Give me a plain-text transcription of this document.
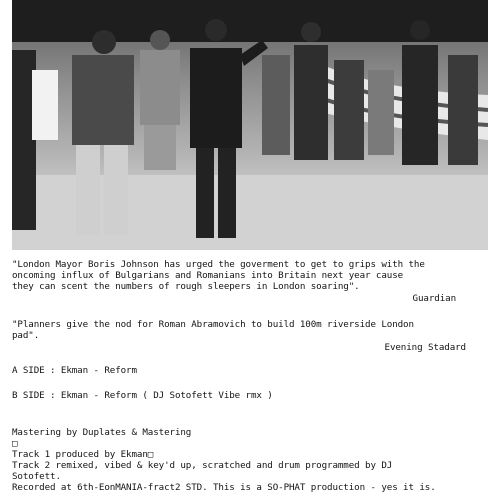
"London Mayor Boris Johnson has urged the goverment to get to grips with the

oncoming influx of Bulgarians and Romanians into Britain next year cause

they can scent the numbers of rough sleepers in London soaring".

Guardian

"Planners give the nod for Roman Abramovich to build 100m riverside London

pad".

Evening Stadard

A SIDE : Ekman - Reform

B SIDE : Ekman - Reform ( DJ Sotofett Vibe rmx )

Mastering by Duplates & Mastering

□

Track 1 produced by Ekman□

Track 2 remixed, vibed & key'd up, scratched and drum programmed by DJ

Sotofett.

Recorded at 6th-EonMANIA-fract2 STD. This is a SO-PHAT production - yes it is.
